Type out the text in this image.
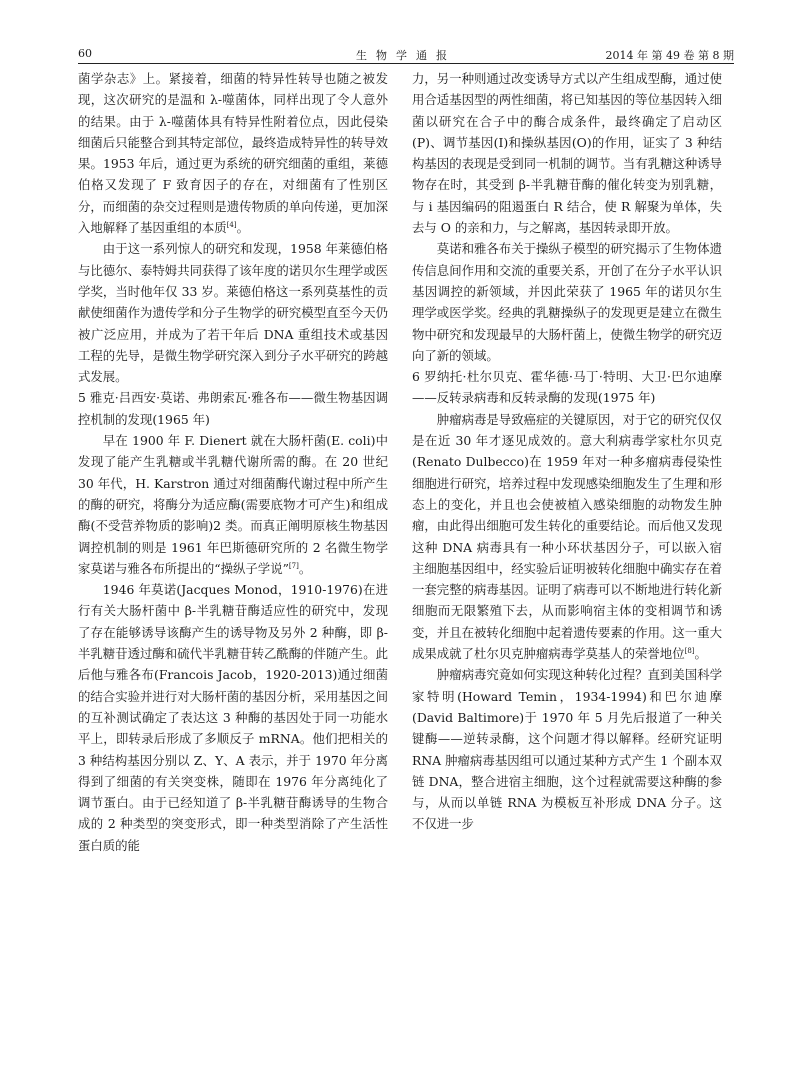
60	生物学通报	2014 年 第 49 卷 第 8 期

菌学杂志》上。紧接着，细菌的特异性转导也随之被发现，这次研究的是温和 λ-噬菌体，同样出现了令人意外的结果。由于 λ-噬菌体具有特异性附着位点，因此侵染细菌后只能整合到其特定部位，最终造成特异性的转导效果。1953 年后，通过更为系统的研究细菌的重组，莱德伯格又发现了 F 致育因子的存在，对细菌有了性别区分，而细菌的杂交过程则是遗传物质的单向传递，更加深入地解释了基因重组的本质[4]。

由于这一系列惊人的研究和发现，1958 年莱德伯格与比德尔、泰特姆共同获得了该年度的诺贝尔生理学或医学奖，当时他年仅 33 岁。莱德伯格这一系列莫基性的贡献使细菌作为遗传学和分子生物学的研究模型直至今天仍被广泛应用，并成为了若干年后 DNA 重组技术或基因工程的先导，是微生物学研究深入到分子水平研究的跨越式发展。

5 雅克·吕西安·莫诺、弗朗索瓦·雅各布——微生物基因调控机制的发现(1965 年)

早在 1900 年 F. Dienert 就在大肠杆菌(E. coli)中发现了能产生乳糖或半乳糖代谢所需的酶。在 20 世纪 30 年代，H. Karstron 通过对细菌酶代谢过程中所产生的酶的研究，将酶分为适应酶(需要底物才可产生)和组成酶(不受营养物质的影响)2 类。而真正阐明原核生物基因调控机制的则是 1961 年巴斯德研究所的 2 名微生物学家莫诺与雅各布所提出的“操纵子学说”[7]。

1946 年莫诺(Jacques Monod，1910-1976)在进行有关大肠杆菌中 β-半乳糖苷酶适应性的研究中，发现了存在能够诱导该酶产生的诱导物及另外 2 种酶，即 β-半乳糖苷透过酶和硫代半乳糖苷转乙酰酶的伴随产生。此后他与雅各布(Francois Jacob，1920-2013)通过细菌的结合实验并进行对大肠杆菌的基因分析，采用基因之间的互补测试确定了表达这 3 种酶的基因处于同一功能水平上，即转录后形成了多顺反子 mRNA。他们把相关的 3 种结构基因分别以 Z、Y、A 表示，并于 1970 年分离得到了细菌的有关突变株，随即在 1976 年分离纯化了调节蛋白。由于已经知道了 β-半乳糖苷酶诱导的生物合成的 2 种类型的突变形式，即一种类型消除了产生活性蛋白质的能

力，另一种则通过改变诱导方式以产生组成型酶，通过使用合适基因型的两性细菌，将已知基因的等位基因转入细菌以研究在合子中的酶合成条件，最终确定了启动区(P)、调节基因(I)和操纵基因(O)的作用，证实了 3 种结构基因的表现是受到同一机制的调节。当有乳糖这种诱导物存在时，其受到 β-半乳糖苷酶的催化转变为别乳糖，与 i 基因编码的阻遏蛋白 R 结合，使 R 解聚为单体，失去与 O 的亲和力，与之解离，基因转录即开放。

莫诺和雅各布关于操纵子模型的研究揭示了生物体遗传信息间作用和交流的重要关系，开创了在分子水平认识基因调控的新领域，并因此荣获了 1965 年的诺贝尔生理学或医学奖。经典的乳糖操纵子的发现更是建立在微生物中研究和发现最早的大肠杆菌上，使微生物学的研究迈向了新的领域。

6 罗纳托·杜尔贝克、霍华德·马丁·特明、大卫·巴尔迪摩——反转录病毒和反转录酶的发现(1975 年)

肿瘤病毒是导致癌症的关键原因，对于它的研究仅仅是在近 30 年才逐见成效的。意大利病毒学家杜尔贝克(Renato Dulbecco)在 1959 年对一种多瘤病毒侵染性细胞进行研究，培养过程中发现感染细胞发生了生理和形态上的变化，并且也会使被植入感染细胞的动物发生肿瘤，由此得出细胞可发生转化的重要结论。而后他又发现这种 DNA 病毒具有一种小环状基因分子，可以嵌入宿主细胞基因组中，经实验后证明被转化细胞中确实存在着一套完整的病毒基因。证明了病毒可以不断地进行转化新细胞而无限繁殖下去，从而影响宿主体的变相调节和诱变，并且在被转化细胞中起着遗传要素的作用。这一重大成果成就了杜尔贝克肿瘤病毒学莫基人的荣誉地位[8]。

肿瘤病毒究竟如何实现这种转化过程？直到美国科学家特明(Howard Temin，1934-1994)和巴尔迪摩(David Baltimore)于 1970 年 5 月先后报道了一种关键酶——逆转录酶，这个问题才得以解释。经研究证明 RNA 肿瘤病毒基因组可以通过某种方式产生 1 个副本双链 DNA，整合进宿主细胞，这个过程就需要这种酶的参与，从而以单链 RNA 为模板互补形成 DNA 分子。这不仅进一步
